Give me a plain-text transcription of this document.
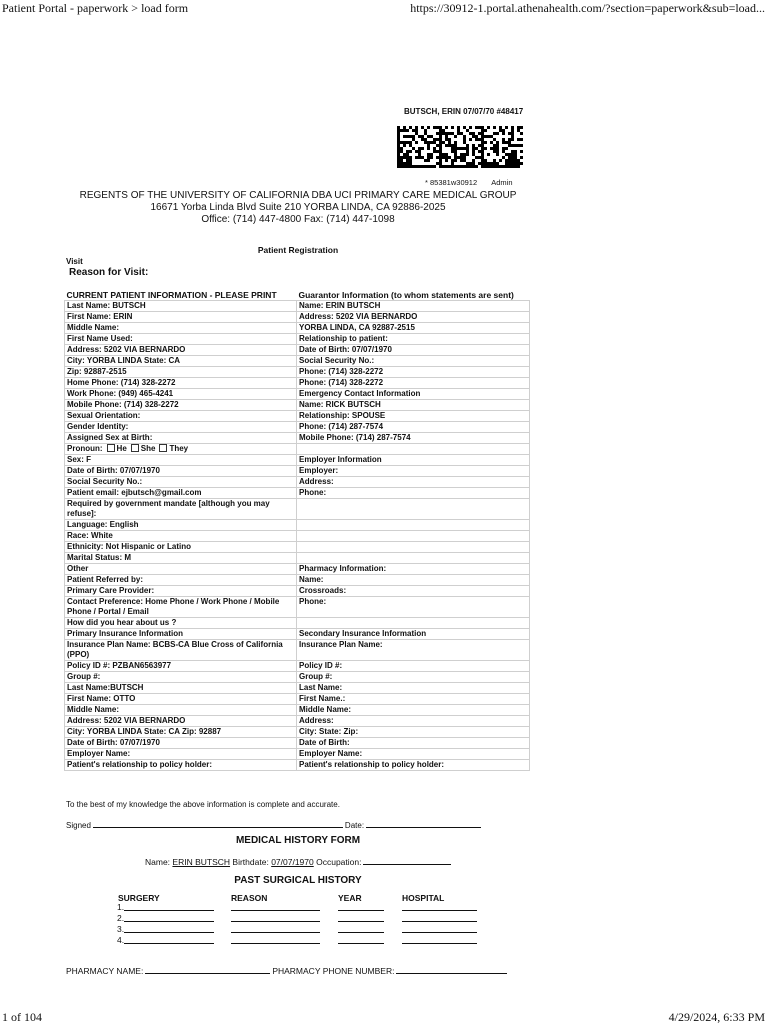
Patient Portal - paperwork > load form	https://30912-1.portal.athenahealth.com/?section=paperwork&sub=load...
BUTSCH, ERIN 07/07/70 #48417
* 85381w30912 Admin
REGENTS OF THE UNIVERSITY OF CALIFORNIA DBA UCI PRIMARY CARE MEDICAL GROUP
16671 Yorba Linda Blvd Suite 210 YORBA LINDA, CA 92886-2025
Office: (714) 447-4800 Fax: (714) 447-1098
Patient Registration
Visit
Reason for Visit:
CURRENT PATIENT INFORMATION - PLEASE PRINT	Guarantor Information (to whom statements are sent)
Last Name: BUTSCH	Name: ERIN BUTSCH
First Name: ERIN	Address: 5202 VIA BERNARDO
Middle Name:	YORBA LINDA, CA 92887-2515
First Name Used:	Relationship to patient:
Address: 5202 VIA BERNARDO	Date of Birth: 07/07/1970
City: YORBA LINDA State: CA	Social Security No.:
Zip: 92887-2515	Phone: (714) 328-2272
Home Phone: (714) 328-2272	Phone: (714) 328-2272
Work Phone: (949) 465-4241	Emergency Contact Information
Mobile Phone: (714) 328-2272	Name: RICK BUTSCH
Sexual Orientation:	Relationship: SPOUSE
Gender Identity:	Phone: (714) 287-7574
Assigned Sex at Birth:	Mobile Phone: (714) 287-7574
Pronoun: He She They	
Sex: F	Employer Information
Date of Birth: 07/07/1970	Employer:
Social Security No.:	Address:
Patient email: ejbutsch@gmail.com	Phone:
Required by government mandate [although you may refuse]:	
Language: English	
Race: White	
Ethnicity: Not Hispanic or Latino	
Marital Status: M	
Other	Pharmacy Information:
Patient Referred by:	Name:
Primary Care Provider:	Crossroads:
Contact Preference: Home Phone / Work Phone / Mobile Phone / Portal / Email	Phone:
How did you hear about us ?	
Primary Insurance Information	Secondary Insurance Information
Insurance Plan Name: BCBS-CA Blue Cross of California (PPO)	Insurance Plan Name:
Policy ID #: PZBAN6563977	Policy ID #:
Group #:	Group #:
Last Name:BUTSCH	Last Name:
First Name: OTTO	First Name.:
Middle Name:	Middle Name:
Address: 5202 VIA BERNARDO	Address:
City: YORBA LINDA State: CA Zip: 92887	City: State: Zip:
Date of Birth: 07/07/1970	Date of Birth:
Employer Name:	Employer Name:
Patient's relationship to policy holder:	Patient's relationship to policy holder:
To the best of my knowledge the above information is complete and accurate.
Signed	Date:
MEDICAL HISTORY FORM
Name: ERIN BUTSCH Birthdate: 07/07/1970 Occupation:
PAST SURGICAL HISTORY
SURGERY	REASON	YEAR	HOSPITAL
1.
2.
3.
4.
PHARMACY NAME:	PHARMACY PHONE NUMBER:
1 of 104	4/29/2024, 6:33 PM
